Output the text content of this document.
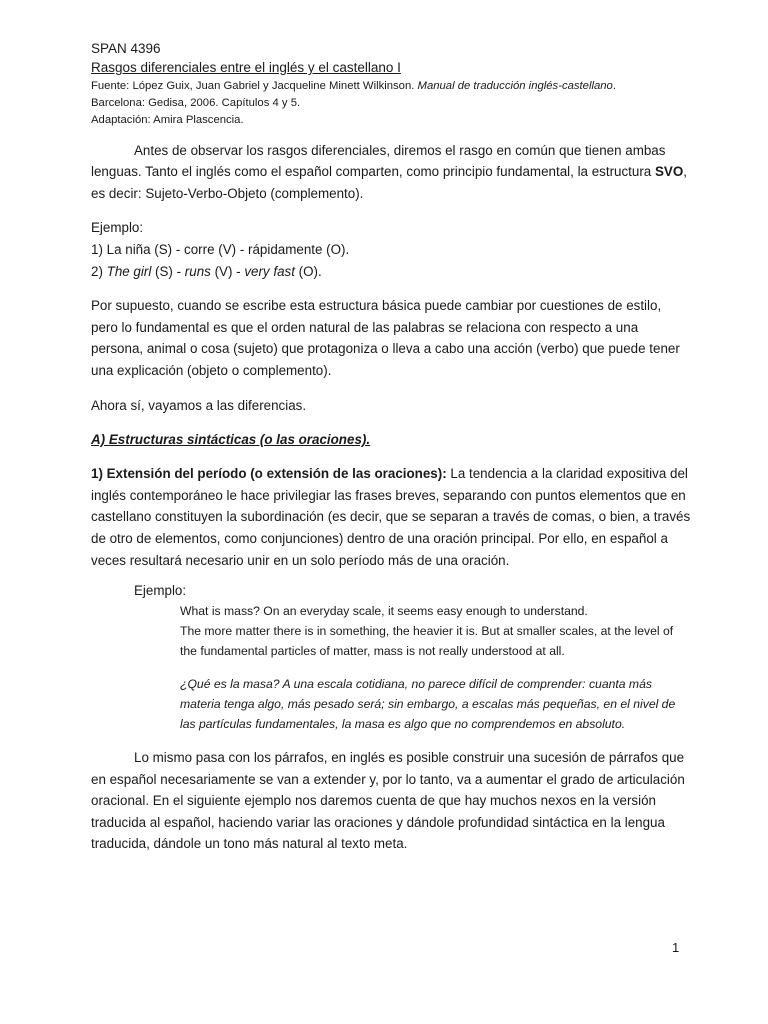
SPAN 4396
Rasgos diferenciales entre el inglés y el castellano I
Fuente: López Guix, Juan Gabriel y Jacqueline Minett Wilkinson. Manual de traducción inglés-castellano.
Barcelona: Gedisa, 2006. Capítulos 4 y 5.
Adaptación: Amira Plascencia.

Antes de observar los rasgos diferenciales, diremos el rasgo en común que tienen ambas lenguas. Tanto el inglés como el español comparten, como principio fundamental, la estructura SVO, es decir: Sujeto-Verbo-Objeto (complemento).

Ejemplo:

1) La niña (S) - corre (V) - rápidamente (O).

2) The girl (S) - runs (V) - very fast (O).

Por supuesto, cuando se escribe esta estructura básica puede cambiar por cuestiones de estilo, pero lo fundamental es que el orden natural de las palabras se relaciona con respecto a una persona, animal o cosa (sujeto) que protagoniza o lleva a cabo una acción (verbo) que puede tener una explicación (objeto o complemento).

Ahora sí, vayamos a las diferencias.

A) Estructuras sintácticas (o las oraciones).

1) Extensión del período (o extensión de las oraciones): La tendencia a la claridad expositiva del inglés contemporáneo le hace privilegiar las frases breves, separando con puntos elementos que en castellano constituyen la subordinación (es decir, que se separan a través de comas, o bien, a través de otro de elementos, como conjunciones) dentro de una oración principal. Por ello, en español a veces resultará necesario unir en un solo período más de una oración.

Ejemplo:

What is mass? On an everyday scale, it seems easy enough to understand.

The more matter there is in something, the heavier it is. But at smaller scales, at the level of the fundamental particles of matter, mass is not really understood at all.

¿Qué es la masa? A una escala cotidiana, no parece difícil de comprender: cuanta más materia tenga algo, más pesado será; sin embargo, a escalas más pequeñas, en el nivel de las partículas fundamentales, la masa es algo que no comprendemos en absoluto.

Lo mismo pasa con los párrafos, en inglés es posible construir una sucesión de párrafos que en español necesariamente se van a extender y, por lo tanto, va a aumentar el grado de articulación oracional. En el siguiente ejemplo nos daremos cuenta de que hay muchos nexos en la versión traducida al español, haciendo variar las oraciones y dándole profundidad sintáctica en la lengua traducida, dándole un tono más natural al texto meta.

1
